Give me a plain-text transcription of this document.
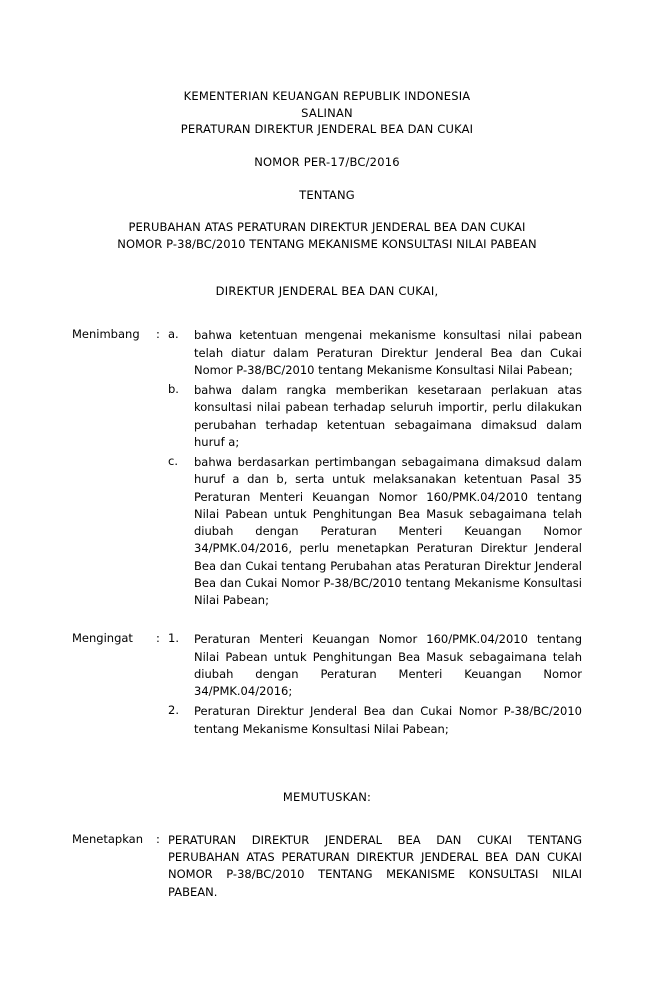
KEMENTERIAN KEUANGAN REPUBLIK INDONESIA
SALINAN
PERATURAN DIREKTUR JENDERAL BEA DAN CUKAI
NOMOR PER-17/BC/2016
TENTANG
PERUBAHAN ATAS PERATURAN DIREKTUR JENDERAL BEA DAN CUKAI
NOMOR P-38/BC/2010 TENTANG MEKANISME KONSULTASI NILAI PABEAN
DIREKTUR JENDERAL BEA DAN CUKAI,
Menimbang	:	a.	bahwa ketentuan mengenai mekanisme konsultasi nilai pabean telah diatur dalam Peraturan Direktur Jenderal Bea dan Cukai Nomor P-38/BC/2010 tentang Mekanisme Konsultasi Nilai Pabean;
		b.	bahwa dalam rangka memberikan kesetaraan perlakuan atas konsultasi nilai pabean terhadap seluruh importir, perlu dilakukan perubahan terhadap ketentuan sebagaimana dimaksud dalam huruf a;
		c.	bahwa berdasarkan pertimbangan sebagaimana dimaksud dalam huruf a dan b, serta untuk melaksanakan ketentuan Pasal 35 Peraturan Menteri Keuangan Nomor 160/PMK.04/2010 tentang Nilai Pabean untuk Penghitungan Bea Masuk sebagaimana telah diubah dengan Peraturan Menteri Keuangan Nomor 34/PMK.04/2016, perlu menetapkan Peraturan Direktur Jenderal Bea dan Cukai tentang Perubahan atas Peraturan Direktur Jenderal Bea dan Cukai Nomor P-38/BC/2010 tentang Mekanisme Konsultasi Nilai Pabean;
Mengingat	:	1.	Peraturan Menteri Keuangan Nomor 160/PMK.04/2010 tentang Nilai Pabean untuk Penghitungan Bea Masuk sebagaimana telah diubah dengan Peraturan Menteri Keuangan Nomor 34/PMK.04/2016;
		2.	Peraturan Direktur Jenderal Bea dan Cukai Nomor P-38/BC/2010 tentang Mekanisme Konsultasi Nilai Pabean;
MEMUTUSKAN:
Menetapkan	:	PERATURAN DIREKTUR JENDERAL BEA DAN CUKAI TENTANG PERUBAHAN ATAS PERATURAN DIREKTUR JENDERAL BEA DAN CUKAI NOMOR P-38/BC/2010 TENTANG MEKANISME KONSULTASI NILAI PABEAN.
